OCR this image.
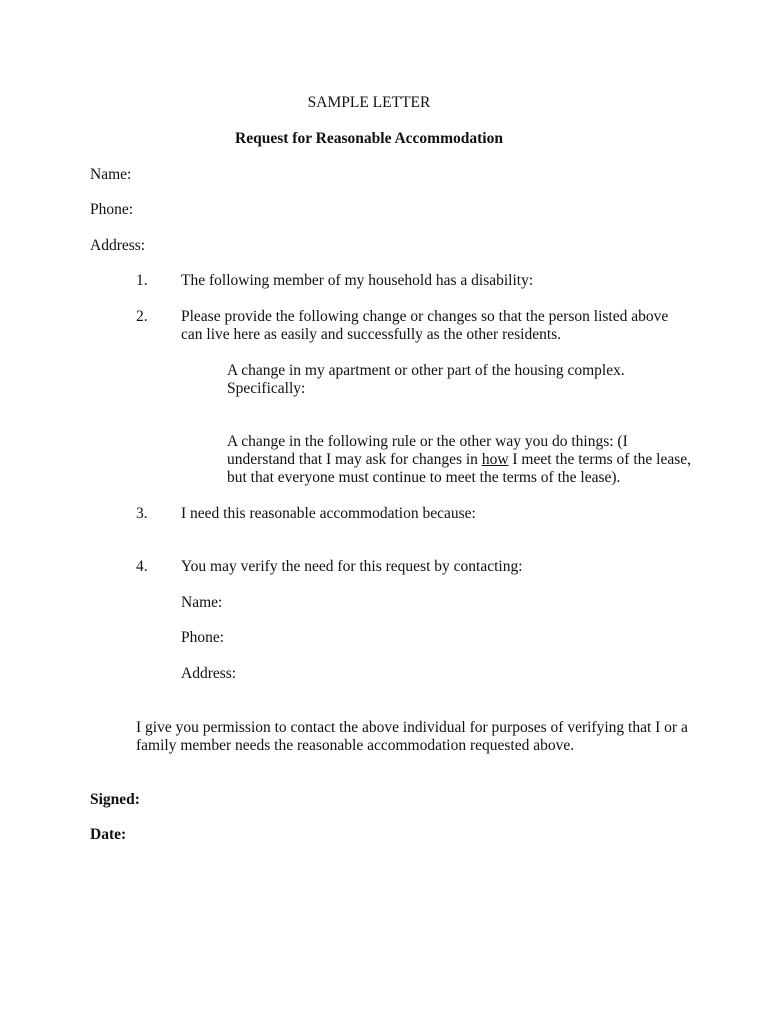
SAMPLE LETTER
Request for Reasonable Accommodation
Name:
Phone:
Address:
1.	The following member of my household has a disability:
2.	Please provide the following change or changes so that the person listed above
can live here as easily and successfully as the other residents.
A change in my apartment or other part of the housing complex.
Specifically:
A change in the following rule or the other way you do things: (I
understand that I may ask for changes in how I meet the terms of the lease,
but that everyone must continue to meet the terms of the lease).
3.	I need this reasonable accommodation because:
4.	You may verify the need for this request by contacting:
Name:
Phone:
Address:
I give you permission to contact the above individual for purposes of verifying that I or a
family member needs the reasonable accommodation requested above.
Signed:
Date:
